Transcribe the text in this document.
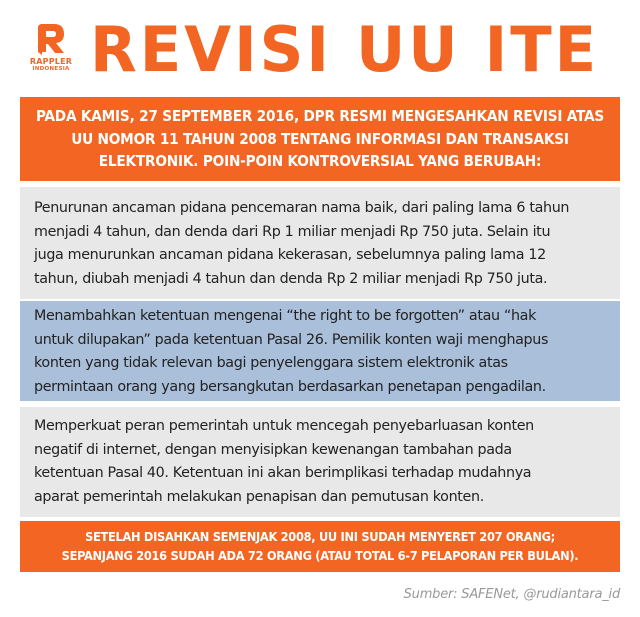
RAPPLER
INDONESIA REVISI UU ITE
PADA KAMIS, 27 SEPTEMBER 2016, DPR RESMI MENGESAHKAN REVISI ATAS
UU NOMOR 11 TAHUN 2008 TENTANG INFORMASI DAN TRANSAKSI
ELEKTRONIK. POIN-POIN KONTROVERSIAL YANG BERUBAH:
Penurunan ancaman pidana pencemaran nama baik, dari paling lama 6 tahun
menjadi 4 tahun, dan denda dari Rp 1 miliar menjadi Rp 750 juta. Selain itu
juga menurunkan ancaman pidana kekerasan, sebelumnya paling lama 12
tahun, diubah menjadi 4 tahun dan denda Rp 2 miliar menjadi Rp 750 juta.
Menambahkan ketentuan mengenai “the right to be forgotten” atau “hak
untuk dilupakan” pada ketentuan Pasal 26. Pemilik konten waji menghapus
konten yang tidak relevan bagi penyelenggara sistem elektronik atas
permintaan orang yang bersangkutan berdasarkan penetapan pengadilan.
Memperkuat peran pemerintah untuk mencegah penyebarluasan konten
negatif di internet, dengan menyisipkan kewenangan tambahan pada
ketentuan Pasal 40. Ketentuan ini akan berimplikasi terhadap mudahnya
aparat pemerintah melakukan penapisan dan pemutusan konten.
SETELAH DISAHKAN SEMENJAK 2008, UU INI SUDAH MENYERET 207 ORANG;
SEPANJANG 2016 SUDAH ADA 72 ORANG (ATAU TOTAL 6-7 PELAPORAN PER BULAN).
Sumber: SAFENet, @rudiantara_id
